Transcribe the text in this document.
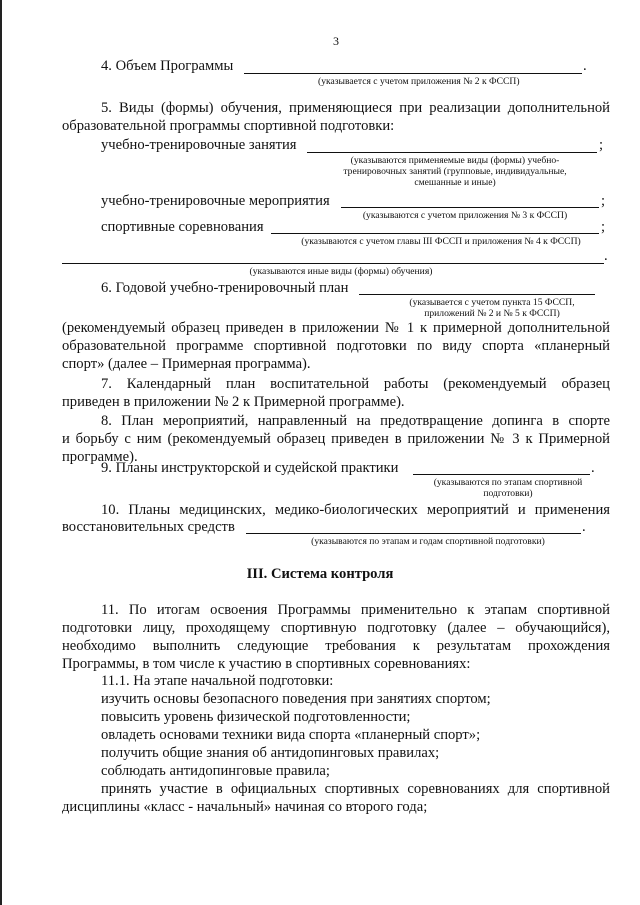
3
4. Объем Программы	.
(указывается с учетом приложения № 2 к ФССП)
5. Виды (формы) обучения, применяющиеся при реализации дополнительной
образовательной программы спортивной подготовки:
учебно-тренировочные занятия	;
(указываются применяемые виды (формы) учебно-
тренировочных занятий (групповые, индивидуальные,
смешанные и иные)
учебно-тренировочные мероприятия	;
(указываются с учетом приложения № 3 к ФССП)
спортивные соревнования	;
(указываются с учетом главы III ФССП и приложения № 4 к ФССП)
.
(указываются иные виды (формы) обучения)
6. Годовой учебно-тренировочный план
(указывается с учетом пункта 15 ФССП,
приложений № 2 и № 5 к ФССП)
(рекомендуемый образец приведен в приложении № 1 к примерной дополнительной
образовательной программе спортивной подготовки по виду спорта «планерный
спорт» (далее – Примерная программа).
7. Календарный план воспитательной работы (рекомендуемый образец
приведен в приложении № 2 к Примерной программе).
8. План мероприятий, направленный на предотвращение допинга в спорте
и борьбу с ним (рекомендуемый образец приведен в приложении № 3 к Примерной
программе).
9. Планы инструкторской и судейской практики	.
(указываются по этапам спортивной
подготовки)
10. Планы медицинских, медико-биологических мероприятий и применения
восстановительных средств	.
(указываются по этапам и годам спортивной подготовки)
III. Система контроля
11. По итогам освоения Программы применительно к этапам спортивной
подготовки лицу, проходящему спортивную подготовку (далее – обучающийся),
необходимо выполнить следующие требования к результатам прохождения
Программы, в том числе к участию в спортивных соревнованиях:
11.1. На этапе начальной подготовки:
изучить основы безопасного поведения при занятиях спортом;
повысить уровень физической подготовленности;
овладеть основами техники вида спорта «планерный спорт»;
получить общие знания об антидопинговых правилах;
соблюдать антидопинговые правила;
принять участие в официальных спортивных соревнованиях для спортивной
дисциплины «класс - начальный» начиная со второго года;
